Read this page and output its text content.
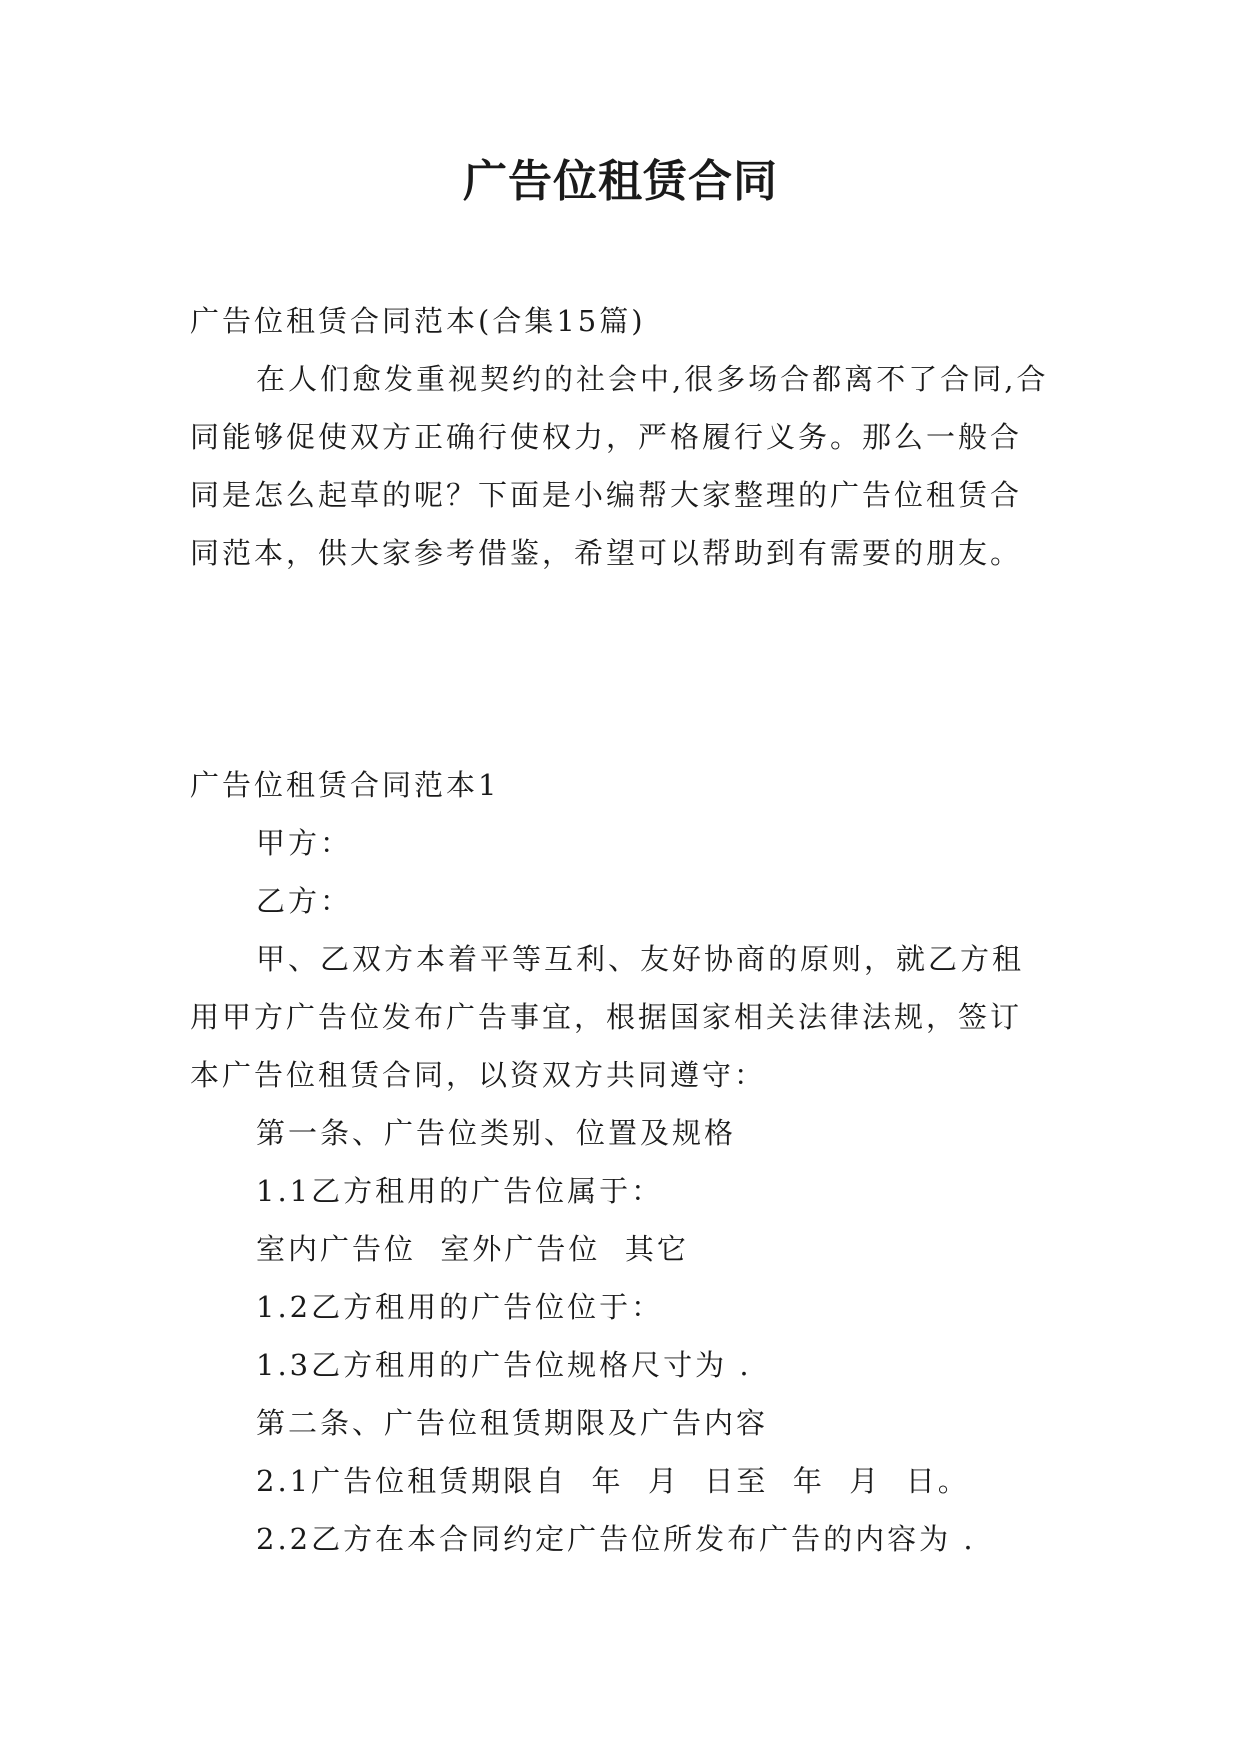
广告位租赁合同

广告位租赁合同范本(合集15篇)

在人们愈发重视契约的社会中,很多场合都离不了合同,合同能够促使双方正确行使权力，严格履行义务。那么一般合同是怎么起草的呢？下面是小编帮大家整理的广告位租赁合同范本，供大家参考借鉴，希望可以帮助到有需要的朋友。

广告位租赁合同范本1

甲方：

乙方：

甲、乙双方本着平等互利、友好协商的原则，就乙方租用甲方广告位发布广告事宜，根据国家相关法律法规，签订本广告位租赁合同，以资双方共同遵守：

第一条、广告位类别、位置及规格

1.1乙方租用的广告位属于：

室内广告位  室外广告位  其它

1.2乙方租用的广告位位于：

1.3乙方租用的广告位规格尺寸为 .

第二条、广告位租赁期限及广告内容

2.1广告位租赁期限自  年  月  日至  年  月  日。

2.2乙方在本合同约定广告位所发布广告的内容为 .
